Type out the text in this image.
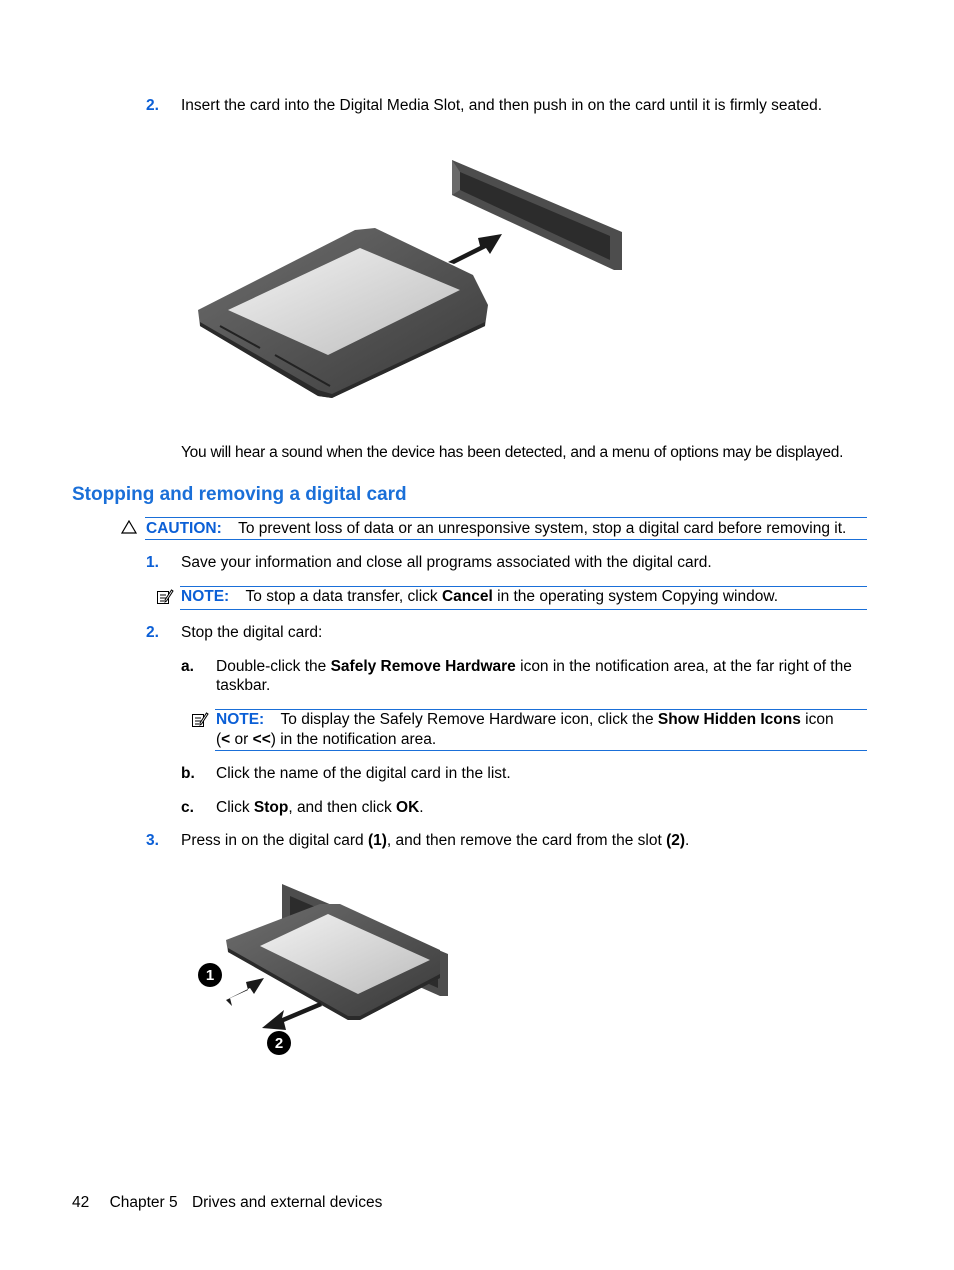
2. Insert the card into the Digital Media Slot, and then push in on the card until it is firmly seated.
You will hear a sound when the device has been detected, and a menu of options may be displayed.
Stopping and removing a digital card
CAUTION: To prevent loss of data or an unresponsive system, stop a digital card before removing it.
1. Save your information and close all programs associated with the digital card.
NOTE: To stop a data transfer, click Cancel in the operating system Copying window.
2. Stop the digital card:
a. Double-click the Safely Remove Hardware icon in the notification area, at the far right of the
taskbar.
NOTE: To display the Safely Remove Hardware icon, click the Show Hidden Icons icon
(< or <<) in the notification area.
b. Click the name of the digital card in the list.
c. Click Stop, and then click OK.
3. Press in on the digital card (1), and then remove the card from the slot (2).
1
2
42 Chapter 5 Drives and external devices
